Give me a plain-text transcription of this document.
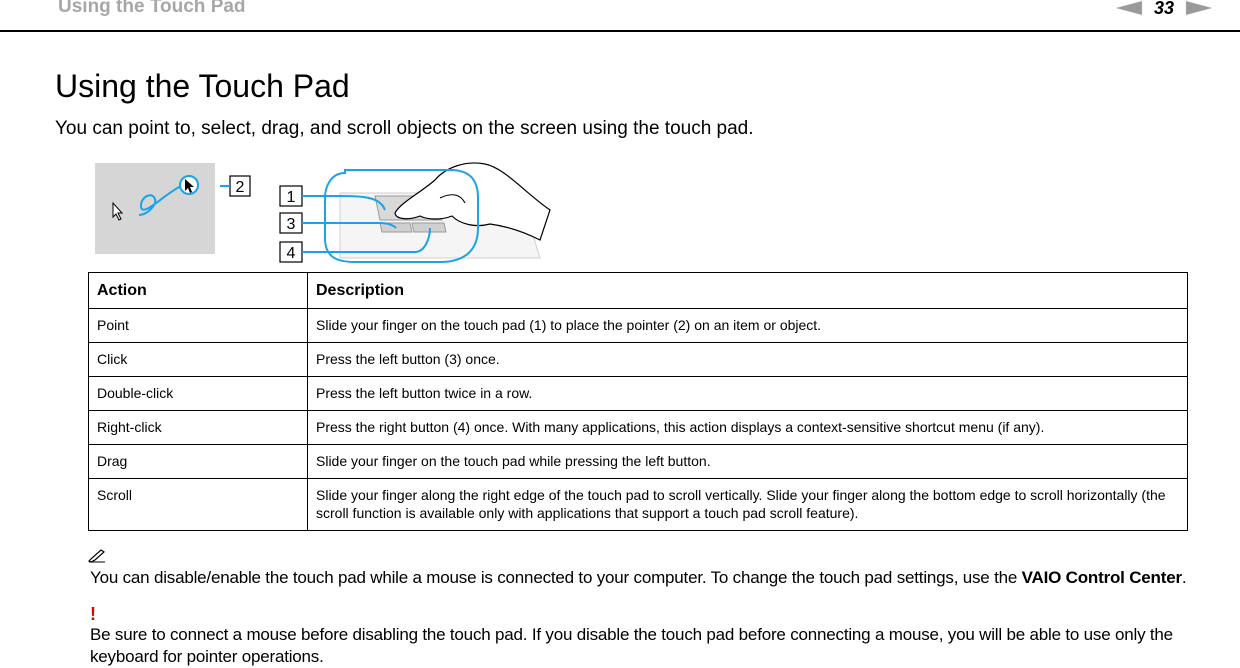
Using the Touch Pad	33
Using the Touch Pad
You can point to, select, drag, and scroll objects on the screen using the touch pad.
2
1
3
4
Action	Description
Point	Slide your finger on the touch pad (1) to place the pointer (2) on an item or object.
Click	Press the left button (3) once.
Double-click	Press the left button twice in a row.
Right-click	Press the right button (4) once. With many applications, this action displays a context-sensitive shortcut menu (if any).
Drag	Slide your finger on the touch pad while pressing the left button.
Scroll	Slide your finger along the right edge of the touch pad to scroll vertically. Slide your finger along the bottom edge to scroll horizontally (the scroll function is available only with applications that support a touch pad scroll feature).
You can disable/enable the touch pad while a mouse is connected to your computer. To change the touch pad settings, use the VAIO Control Center.
!
Be sure to connect a mouse before disabling the touch pad. If you disable the touch pad before connecting a mouse, you will be able to use only the keyboard for pointer operations.
